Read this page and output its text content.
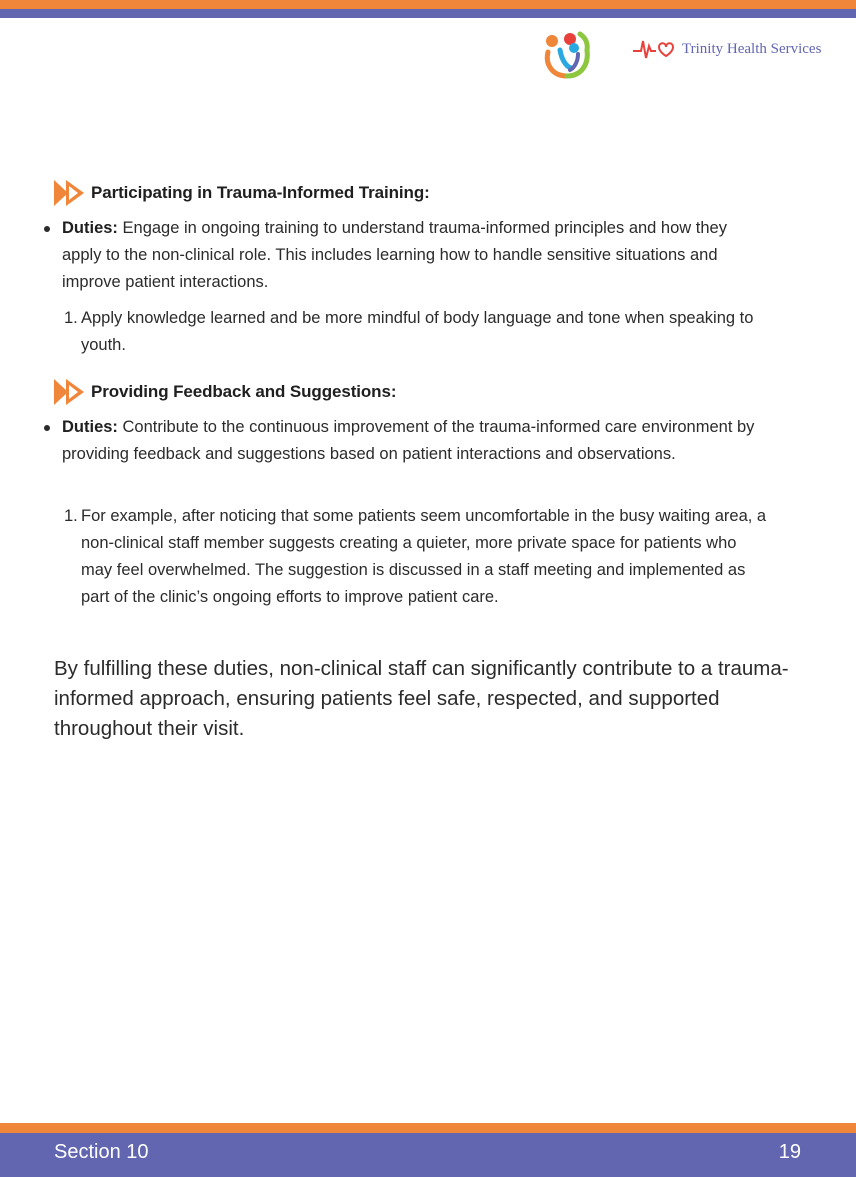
Trinity Health Services
Participating in Trauma-Informed Training:
Duties: Engage in ongoing training to understand trauma-informed principles and how they apply to the non-clinical role. This includes learning how to handle sensitive situations and improve patient interactions.
1. Apply knowledge learned and be more mindful of body language and tone when speaking to youth.
Providing Feedback and Suggestions:
Duties: Contribute to the continuous improvement of the trauma-informed care environment by providing feedback and suggestions based on patient interactions and observations.
1. For example, after noticing that some patients seem uncomfortable in the busy waiting area, a non-clinical staff member suggests creating a quieter, more private space for patients who may feel overwhelmed. The suggestion is discussed in a staff meeting and implemented as part of the clinic’s ongoing efforts to improve patient care.

By fulfilling these duties, non-clinical staff can significantly contribute to a trauma-informed approach, ensuring patients feel safe, respected, and supported throughout their visit.

Section 10	19
